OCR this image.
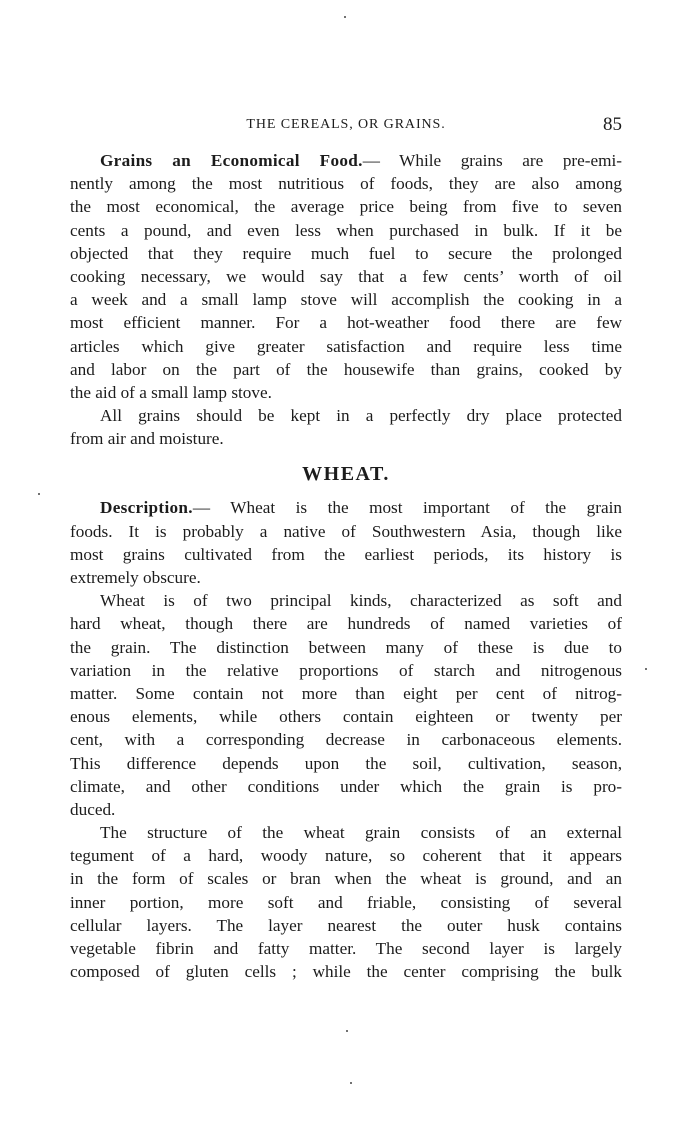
THE CEREALS, OR GRAINS.	85
Grains an Economical Food.— While grains are pre-emi-
nently among the most nutritious of foods, they are also among
the most economical, the average price being from five to seven
cents a pound, and even less when purchased in bulk. If it be
objected that they require much fuel to secure the prolonged
cooking necessary, we would say that a few cents’ worth of oil
a week and a small lamp stove will accomplish the cooking in a
most efficient manner. For a hot-weather food there are few
articles which give greater satisfaction and require less time
and labor on the part of the housewife than grains, cooked by
the aid of a small lamp stove.
All grains should be kept in a perfectly dry place protected
from air and moisture.
WHEAT.
Description.— Wheat is the most important of the grain
foods. It is probably a native of Southwestern Asia, though like
most grains cultivated from the earliest periods, its history is
extremely obscure.
Wheat is of two principal kinds, characterized as soft and
hard wheat, though there are hundreds of named varieties of
the grain. The distinction between many of these is due to
variation in the relative proportions of starch and nitrogenous
matter. Some contain not more than eight per cent of nitrog-
enous elements, while others contain eighteen or twenty per
cent, with a corresponding decrease in carbonaceous elements.
This difference depends upon the soil, cultivation, season,
climate, and other conditions under which the grain is pro-
duced.
The structure of the wheat grain consists of an external
tegument of a hard, woody nature, so coherent that it appears
in the form of scales or bran when the wheat is ground, and an
inner portion, more soft and friable, consisting of several
cellular layers. The layer nearest the outer husk contains
vegetable fibrin and fatty matter. The second layer is largely
composed of gluten cells ; while the center comprising the bulk
